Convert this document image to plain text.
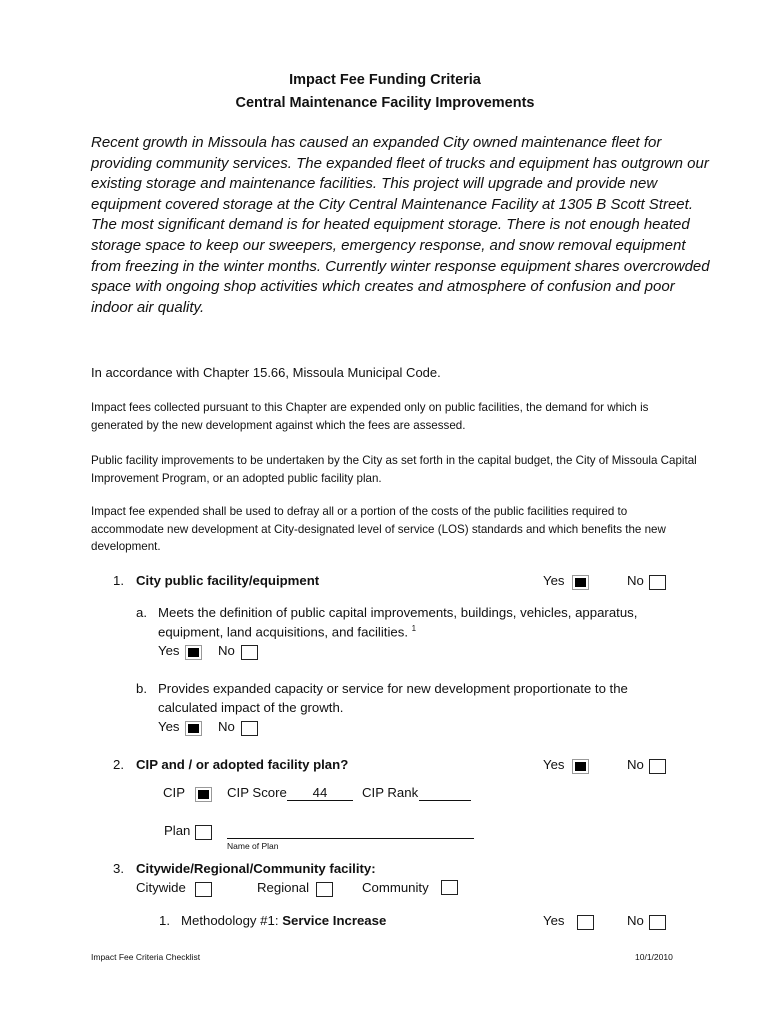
Impact Fee Funding Criteria
Central Maintenance Facility Improvements
Recent growth in Missoula has caused an expanded City owned maintenance fleet for providing community services. The expanded fleet of trucks and equipment has outgrown our existing storage and maintenance facilities. This project will upgrade and provide new equipment covered storage at the City Central Maintenance Facility at 1305 B Scott Street. The most significant demand is for heated equipment storage. There is not enough heated storage space to keep our sweepers, emergency response, and snow removal equipment from freezing in the winter months. Currently winter response equipment shares overcrowded space with ongoing shop activities which creates and atmosphere of confusion and poor indoor air quality.
In accordance with Chapter 15.66, Missoula Municipal Code.
Impact fees collected pursuant to this Chapter are expended only on public facilities, the demand for which is generated by the new development against which the fees are assessed.
Public facility improvements to be undertaken by the City as set forth in the capital budget, the City of Missoula Capital Improvement Program, or an adopted public facility plan.
Impact fee expended shall be used to defray all or a portion of the costs of the public facilities required to accommodate new development at City-designated level of service (LOS) standards and which benefits the new development.
1. City public facility/equipment	Yes	No
a. Meets the definition of public capital improvements, buildings, vehicles, apparatus,
equipment, land acquisitions, and facilities. $^1$
Yes	No
b. Provides expanded capacity or service for new development proportionate to the
calculated impact of the growth.
Yes	No
2. CIP and / or adopted facility plan?	Yes	No
CIP	CIP Score	44	CIP Rank
Plan
Name of Plan
3. Citywide/Regional/Community facility:
Citywide	Regional	Community
1. Methodology #1: Service Increase	Yes	No
Impact Fee Criteria Checklist	10/1/2010
